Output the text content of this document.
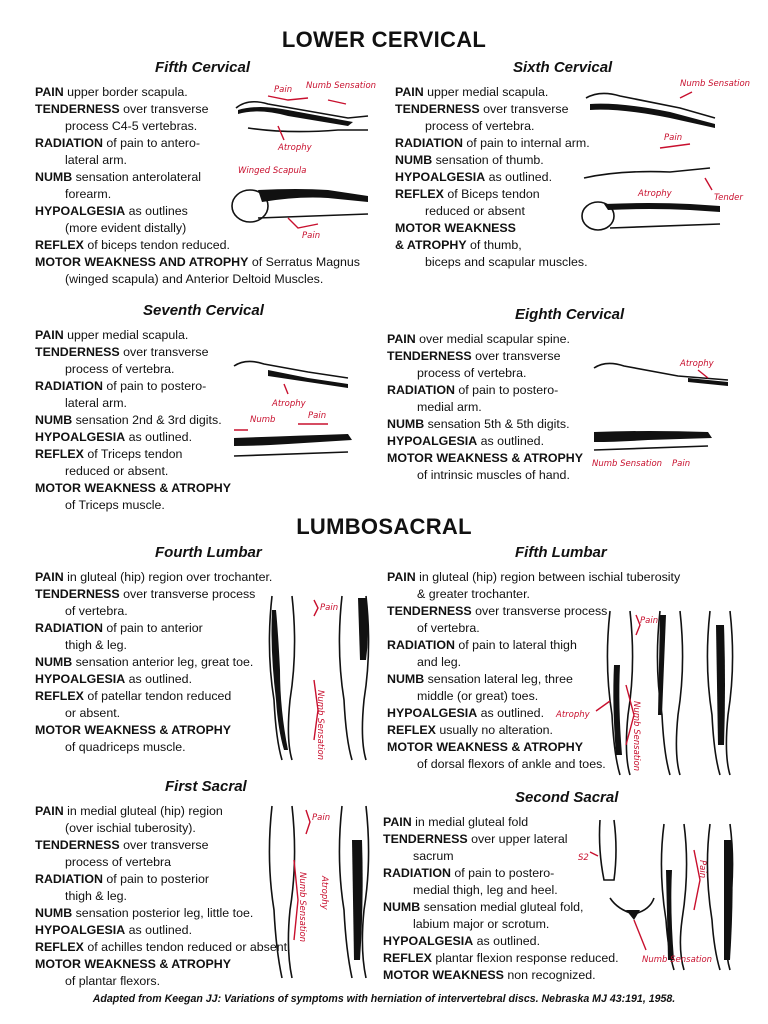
LOWER CERVICAL
LUMBOSACRAL
Fifth Cervical
PAIN upper border scapula.
TENDERNESS over transverse
process C4-5 vertebras.
RADIATION of pain to antero-
lateral arm.
NUMB sensation anterolateral
forearm.
HYPOALGESIA as outlines
(more evident distally)
REFLEX of biceps tendon reduced.
MOTOR WEAKNESS AND ATROPHY of Serratus Magnus
(winged scapula) and Anterior Deltoid Muscles.
Sixth Cervical
PAIN upper medial scapula.
TENDERNESS over transverse
process of vertebra.
RADIATION of pain to internal arm.
NUMB sensation of thumb.
HYPOALGESIA as outlined.
REFLEX of Biceps tendon
reduced or absent
MOTOR WEAKNESS
& ATROPHY of thumb,
biceps and scapular muscles.
Seventh Cervical
PAIN upper medial scapula.
TENDERNESS over transverse
process of vertebra.
RADIATION of pain to postero-
lateral arm.
NUMB sensation 2nd & 3rd digits.
HYPOALGESIA as outlined.
REFLEX of Triceps tendon
reduced or absent.
MOTOR WEAKNESS & ATROPHY
of Triceps muscle.
Eighth Cervical
PAIN over medial scapular spine.
TENDERNESS over transverse
process of vertebra.
RADIATION of pain to postero-
medial arm.
NUMB sensation 5th & 5th digits.
HYPOALGESIA as outlined.
MOTOR WEAKNESS & ATROPHY
of intrinsic muscles of hand.
Fourth Lumbar
PAIN in gluteal (hip) region over trochanter.
TENDERNESS over transverse process
of vertebra.
RADIATION of pain to anterior
thigh & leg.
NUMB sensation anterior leg, great toe.
HYPOALGESIA as outlined.
REFLEX of patellar tendon reduced
or absent.
MOTOR WEAKNESS & ATROPHY
of quadriceps muscle.
Fifth Lumbar
PAIN in gluteal (hip) region between ischial tuberosity
& greater trochanter.
TENDERNESS over transverse process
of vertebra.
RADIATION of pain to lateral thigh
and leg.
NUMB sensation lateral leg, three
middle (or great) toes.
HYPOALGESIA as outlined.
REFLEX usually no alteration.
MOTOR WEAKNESS & ATROPHY
of dorsal flexors of ankle and toes.
First Sacral
PAIN in medial gluteal (hip) region
(over ischial tuberosity).
TENDERNESS over transverse
process of vertebra
RADIATION of pain to posterior
thigh & leg.
NUMB sensation posterior leg, little toe.
HYPOALGESIA as outlined.
REFLEX of achilles tendon reduced or absent.
MOTOR WEAKNESS & ATROPHY
of plantar flexors.
Second Sacral
PAIN in medial gluteal fold
TENDERNESS over upper lateral
sacrum
RADIATION of pain to postero-
medial thigh, leg and heel.
NUMB sensation medial gluteal fold,
labium major or scrotum.
HYPOALGESIA as outlined.
REFLEX plantar flexion response reduced.
MOTOR WEAKNESS non recognized.
Pain Numb Sensation
Atrophy
Winged Scapula
Pain
Numb Sensation
Pain
Atrophy	Tender
Atrophy
Numb	Pain
Atrophy
Numb Sensation Pain
Pain
Numb Sensation
Pain
Numb Sensation
Atrophy
Pain
Numb Sensation Atrophy
S2
Pain
Numb Sensation
Adapted from Keegan JJ: Variations of symptoms with herniation of intervertebral discs. Nebraska MJ 43:191, 1958.
